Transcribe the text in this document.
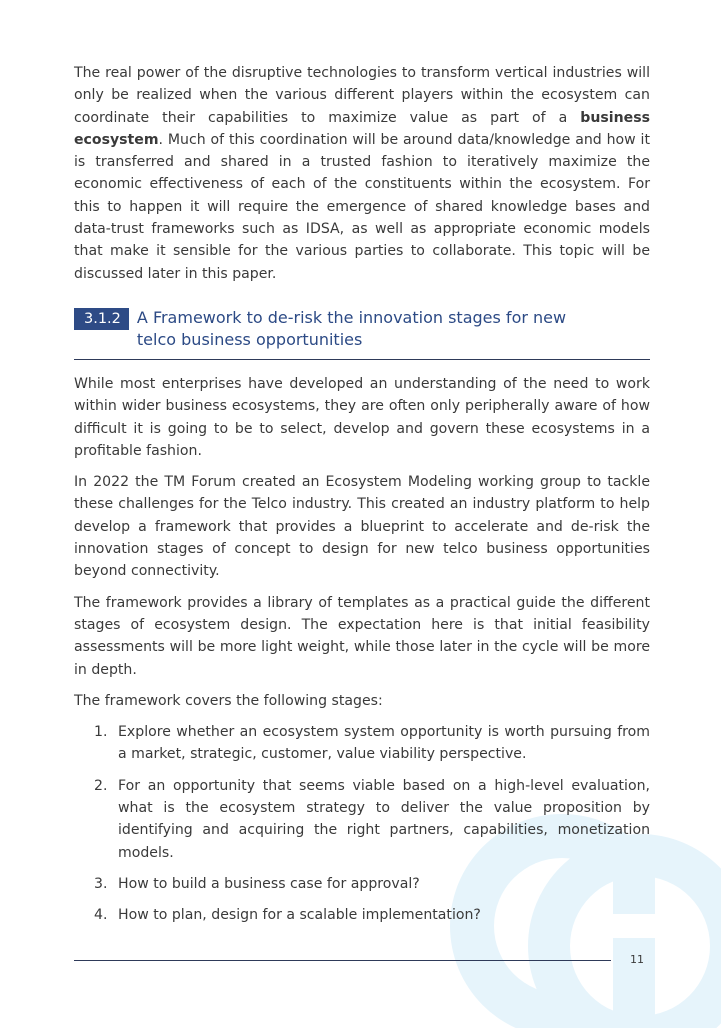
The real power of the disruptive technologies to transform vertical industries will only be realized when the various different players within the ecosystem can coordinate their capabilities to maximize value as part of a business ecosystem. Much of this coordination will be around data/knowledge and how it is transferred and shared in a trusted fashion to iteratively maximize the economic effectiveness of each of the constituents within the ecosystem. For this to happen it will require the emergence of shared knowledge bases and data-trust frameworks such as IDSA, as well as appropriate economic models that make it sensible for the various parties to collaborate. This topic will be discussed later in this paper.

3.1.2	A Framework to de-risk the innovation stages for new telco business opportunities

While most enterprises have developed an understanding of the need to work within wider business ecosystems, they are often only peripherally aware of how difficult it is going to be to select, develop and govern these ecosystems in a profitable fashion.

In 2022 the TM Forum created an Ecosystem Modeling working group to tackle these challenges for the Telco industry. This created an industry platform to help develop a framework that provides a blueprint to accelerate and de-risk the innovation stages of concept to design for new telco business opportunities beyond connectivity.

The framework provides a library of templates as a practical guide the different stages of ecosystem design. The expectation here is that initial feasibility assessments will be more light weight, while those later in the cycle will be more in depth.

The framework covers the following stages:

1. Explore whether an ecosystem system opportunity is worth pursuing from a market, strategic, customer, value viability perspective.
2. For an opportunity that seems viable based on a high-level evaluation, what is the ecosystem strategy to deliver the value proposition by identifying and acquiring the right partners, capabilities, monetization models.
3. How to build a business case for approval?
4. How to plan, design for a scalable implementation?
11
